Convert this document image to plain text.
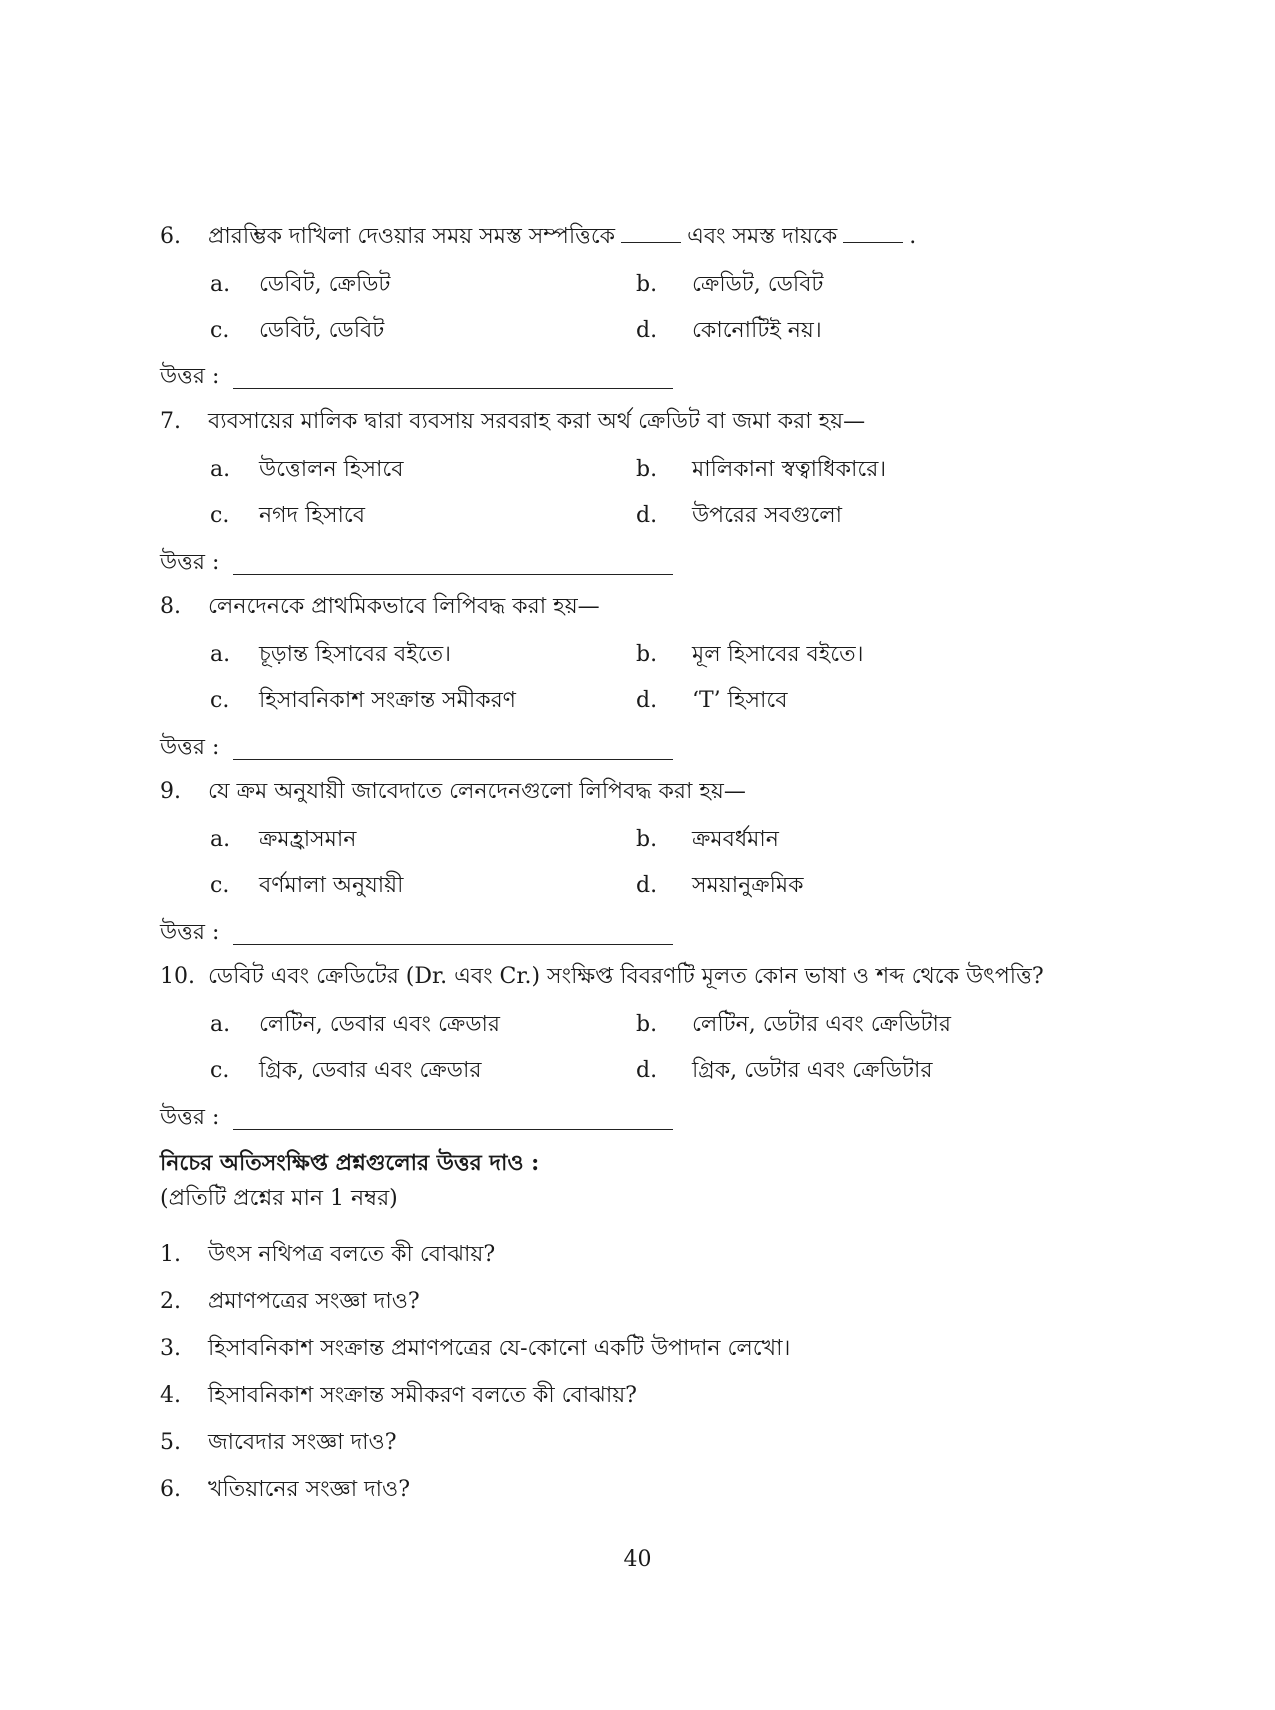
6. প্রারম্ভিক দাখিলা দেওয়ার সময় সমস্ত সম্পত্তিকে	এবং সমস্ত দায়কে	.
a. ডেবিট, ক্রেডিট	b. ক্রেডিট, ডেবিট
c. ডেবিট, ডেবিট	d. কোনোটিই নয়।
উত্তর :
7. ব্যবসায়ের মালিক দ্বারা ব্যবসায় সরবরাহ করা অর্থ ক্রেডিট বা জমা করা হয়—
a. উত্তোলন হিসাবে	b. মালিকানা স্বত্বাধিকারে।
c. নগদ হিসাবে	d. উপরের সবগুলো
উত্তর :
8. লেনদেনকে প্রাথমিকভাবে লিপিবদ্ধ করা হয়—
a. চূড়ান্ত হিসাবের বইতে।	b. মূল হিসাবের বইতে।
c. হিসাবনিকাশ সংক্রান্ত সমীকরণ	d. ‘T’ হিসাবে
উত্তর :
9. যে ক্রম অনুযায়ী জাবেদাতে লেনদেনগুলো লিপিবদ্ধ করা হয়—
a. ক্রমহ্রাসমান	b. ক্রমবর্ধমান
c. বর্ণমালা অনুযায়ী	d. সময়ানুক্রমিক
উত্তর :
10. ডেবিট এবং ক্রেডিটের (Dr. এবং Cr.) সংক্ষিপ্ত বিবরণটি মূলত কোন ভাষা ও শব্দ থেকে উৎপত্তি?
a. লেটিন, ডেবার এবং ক্রেডার	b. লেটিন, ডেটার এবং ক্রেডিটার
c. গ্রিক, ডেবার এবং ক্রেডার	d. গ্রিক, ডেটার এবং ক্রেডিটার
উত্তর :
নিচের অতিসংক্ষিপ্ত প্রশ্নগুলোর উত্তর দাও :
(প্রতিটি প্রশ্নের মান 1 নম্বর)
1. উৎস নথিপত্র বলতে কী বোঝায়?
2. প্রমাণপত্রের সংজ্ঞা দাও?
3. হিসাবনিকাশ সংক্রান্ত প্রমাণপত্রের যে-কোনো একটি উপাদান লেখো।
4. হিসাবনিকাশ সংক্রান্ত সমীকরণ বলতে কী বোঝায়?
5. জাবেদার সংজ্ঞা দাও?
6. খতিয়ানের সংজ্ঞা দাও?
40
